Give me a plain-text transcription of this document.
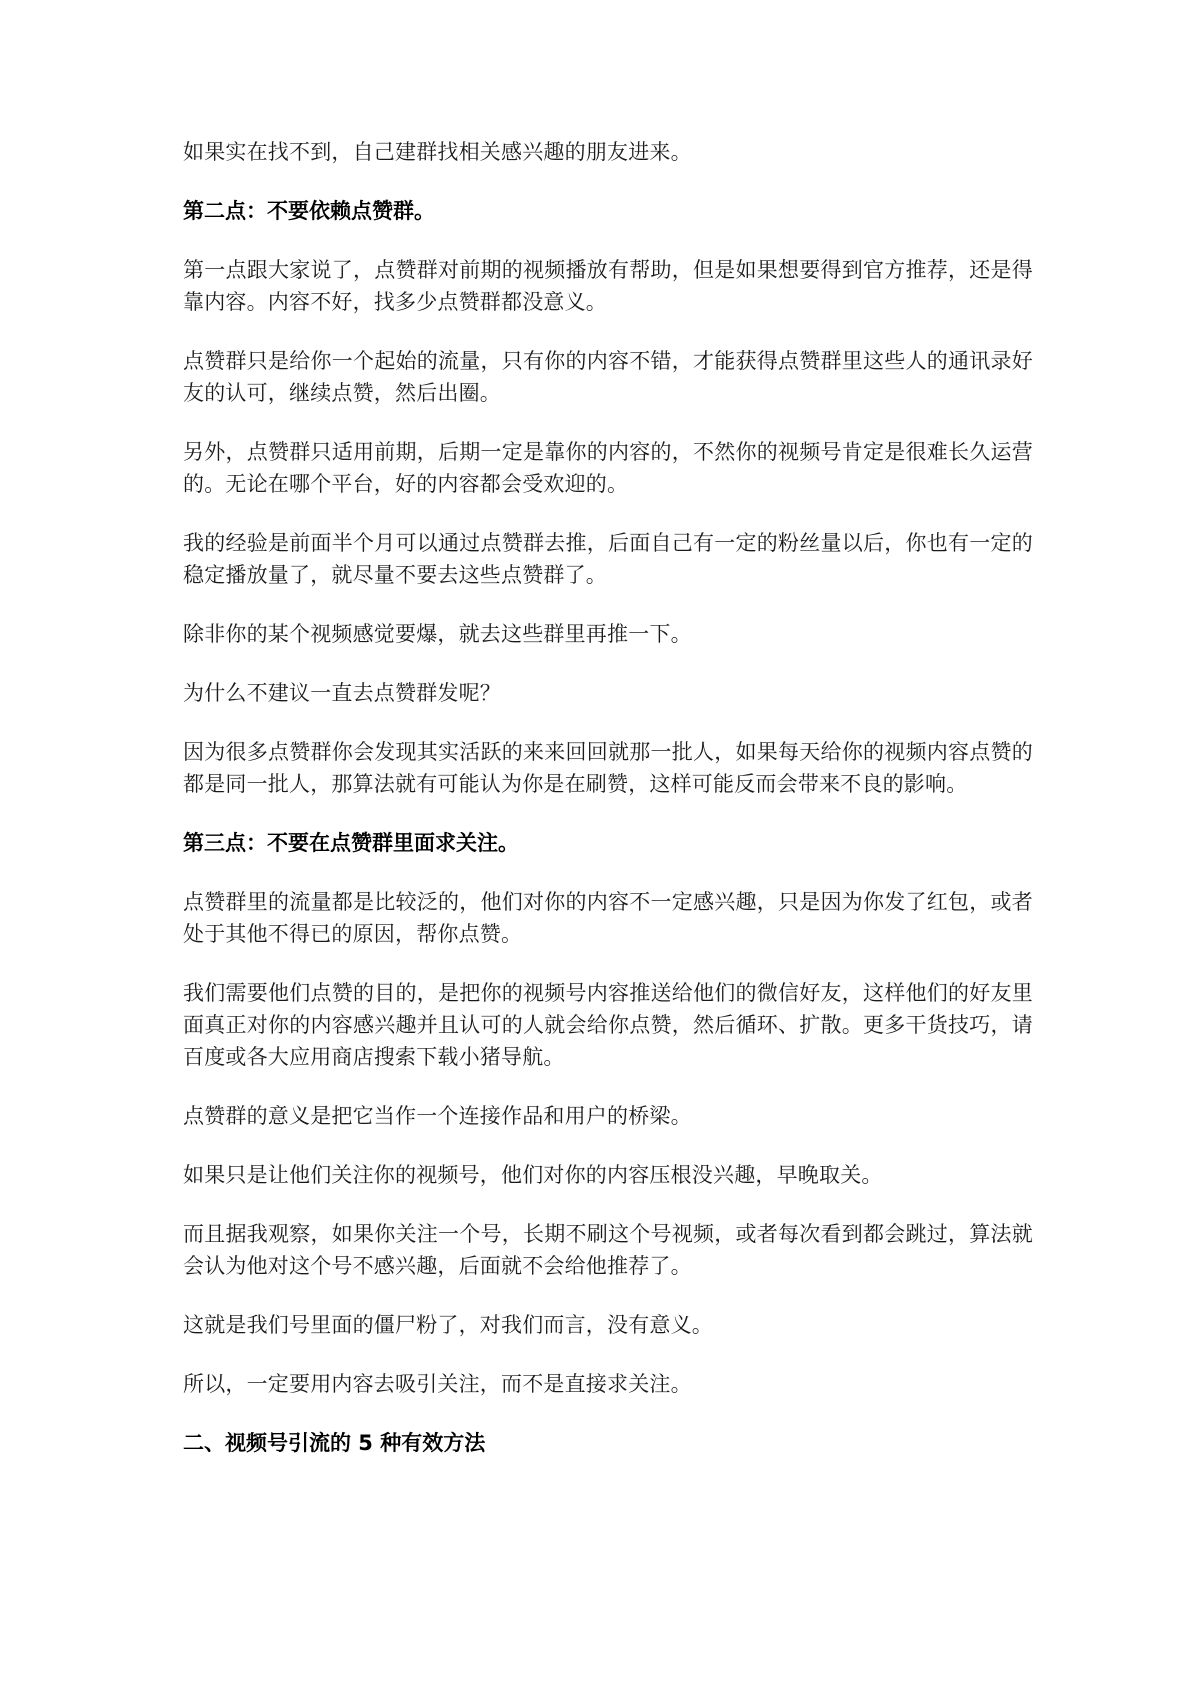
如果实在找不到，自己建群找相关感兴趣的朋友进来。

第二点：不要依赖点赞群。

第一点跟大家说了，点赞群对前期的视频播放有帮助，但是如果想要得到官方推荐，还是得靠内容。内容不好，找多少点赞群都没意义。

点赞群只是给你一个起始的流量，只有你的内容不错，才能获得点赞群里这些人的通讯录好友的认可，继续点赞，然后出圈。

另外，点赞群只适用前期，后期一定是靠你的内容的，不然你的视频号肯定是很难长久运营的。无论在哪个平台，好的内容都会受欢迎的。

我的经验是前面半个月可以通过点赞群去推，后面自己有一定的粉丝量以后，你也有一定的稳定播放量了，就尽量不要去这些点赞群了。

除非你的某个视频感觉要爆，就去这些群里再推一下。

为什么不建议一直去点赞群发呢？

因为很多点赞群你会发现其实活跃的来来回回就那一批人，如果每天给你的视频内容点赞的都是同一批人，那算法就有可能认为你是在刷赞，这样可能反而会带来不良的影响。

第三点：不要在点赞群里面求关注。

点赞群里的流量都是比较泛的，他们对你的内容不一定感兴趣，只是因为你发了红包，或者处于其他不得已的原因，帮你点赞。

我们需要他们点赞的目的，是把你的视频号内容推送给他们的微信好友，这样他们的好友里面真正对你的内容感兴趣并且认可的人就会给你点赞，然后循环、扩散。更多干货技巧，请百度或各大应用商店搜索下载小猪导航。

点赞群的意义是把它当作一个连接作品和用户的桥梁。

如果只是让他们关注你的视频号，他们对你的内容压根没兴趣，早晚取关。

而且据我观察，如果你关注一个号，长期不刷这个号视频，或者每次看到都会跳过，算法就会认为他对这个号不感兴趣，后面就不会给他推荐了。

这就是我们号里面的僵尸粉了，对我们而言，没有意义。

所以，一定要用内容去吸引关注，而不是直接求关注。

二、视频号引流的 5 种有效方法
